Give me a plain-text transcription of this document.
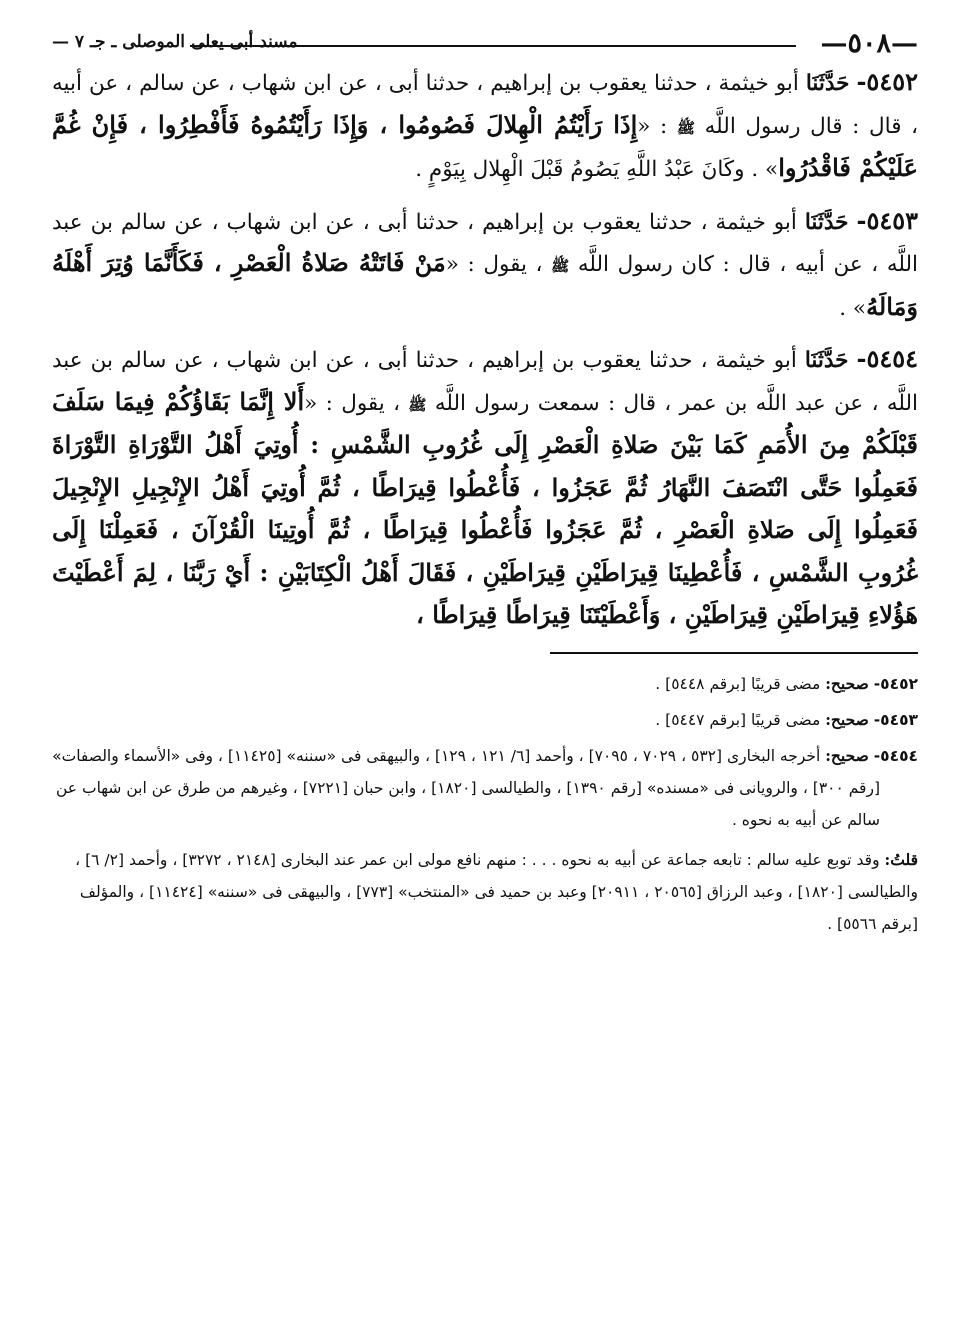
— ٥٠٨ —
مسند أبى يعلى الموصلى ـ جـ ٧ —

٥٤٥٢- حَدَّثَنَا أبو خيثمة ، حدثنا يعقوب بن إبراهيم ، حدثنا أبى ، عن ابن شهاب ، عن سالم ، عن أبيه ، قال : قال رسول اللَّه ﷺ : «إِذَا رَأَيْتُمُ الْهِلالَ فَصُومُوا ، وَإِذَا رَأَيْتُمُوهُ فَأَفْطِرُوا ، فَإِنْ غُمَّ عَلَيْكُمْ فَاقْدُرُوا» . وكَانَ عَبْدُ اللَّهِ يَصُومُ قَبْلَ الْهِلال بِيَوْمٍ .

٥٤٥٣- حَدَّثَنَا أبو خيثمة ، حدثنا يعقوب بن إبراهيم ، حدثنا أبى ، عن ابن شهاب ، عن سالم بن عبد اللَّه ، عن أبيه ، قال : كان رسول اللَّه ﷺ ، يقول : «مَنْ فَاتَتْهُ صَلاةُ الْعَصْرِ ، فَكَأَنَّمَا وُتِرَ أَهْلَهُ وَمَالَهُ» .

٥٤٥٤- حَدَّثَنَا أبو خيثمة ، حدثنا يعقوب بن إبراهيم ، حدثنا أبى ، عن ابن شهاب ، عن سالم بن عبد اللَّه ، عن عبد اللَّه بن عمر ، قال : سمعت رسول اللَّه ﷺ ، يقول : «أَلا إِنَّمَا بَقَاؤُكُمْ فِيمَا سَلَفَ قَبْلَكُمْ مِنَ الأُمَمِ كَمَا بَيْنَ صَلاةِ الْعَصْرِ إِلَى غُرُوبِ الشَّمْسِ : أُوتِيَ أَهْلُ التَّوْرَاةِ التَّوْرَاةَ فَعَمِلُوا حَتَّى انْتَصَفَ النَّهَارُ ثُمَّ عَجَزُوا ، فَأُعْطُوا قِيرَاطًا ، ثُمَّ أُوتِيَ أَهْلُ الإِنْجِيلِ الإِنْجِيلَ فَعَمِلُوا إِلَى صَلاةِ الْعَصْرِ ، ثُمَّ عَجَزُوا فَأُعْطُوا قِيرَاطًا ، ثُمَّ أُوتِينَا الْقُرْآنَ ، فَعَمِلْنَا إِلَى غُرُوبِ الشَّمْسِ ، فَأُعْطِينَا قِيرَاطَيْنِ قِيرَاطَيْنِ ، فَقَالَ أَهْلُ الْكِتَابَيْنِ : أَيْ رَبَّنَا ، لِمَ أَعْطَيْتَ هَؤُلاءِ قِيرَاطَيْنِ قِيرَاطَيْنِ ، وَأَعْطَيْتَنَا قِيرَاطًا قِيرَاطًا ،

٥٤٥٢- صحيح: مضى قريبًا [برقم ٥٤٤٨] .

٥٤٥٣- صحيح: مضى قريبًا [برقم ٥٤٤٧] .

٥٤٥٤- صحيح: أخرجه البخارى [٥٣٢ ، ٧٠٢٩ ، ٧٠٩٥] ، وأحمد [٦/ ١٢١ ، ١٢٩] ، والبيهقى فى «سننه» [١١٤٢٥] ، وفى «الأسماء والصفات» [رقم ٣٠٠] ، والرويانى فى «مسنده» [رقم ١٣٩٠] ، والطيالسى [١٨٢٠] ، وابن حبان [٧٢٢١] ، وغيرهم من طرق عن ابن شهاب عن سالم عن أبيه به نحوه .

قلتُ: وقد توبع عليه سالم : تابعه جماعة عن أبيه به نحوه . . . : منهم نافع مولى ابن عمر عند البخارى [٢١٤٨ ، ٣٢٧٢] ، وأحمد [٢/ ٦] ، والطيالسى [١٨٢٠] ، وعبد الرزاق [٢٠٥٦٥ ، ٢٠٩١١] وعبد بن حميد فى «المنتخب» [٧٧٣] ، والبيهقى فى «سننه» [١١٤٢٤] ، والمؤلف [برقم ٥٥٦٦] .
